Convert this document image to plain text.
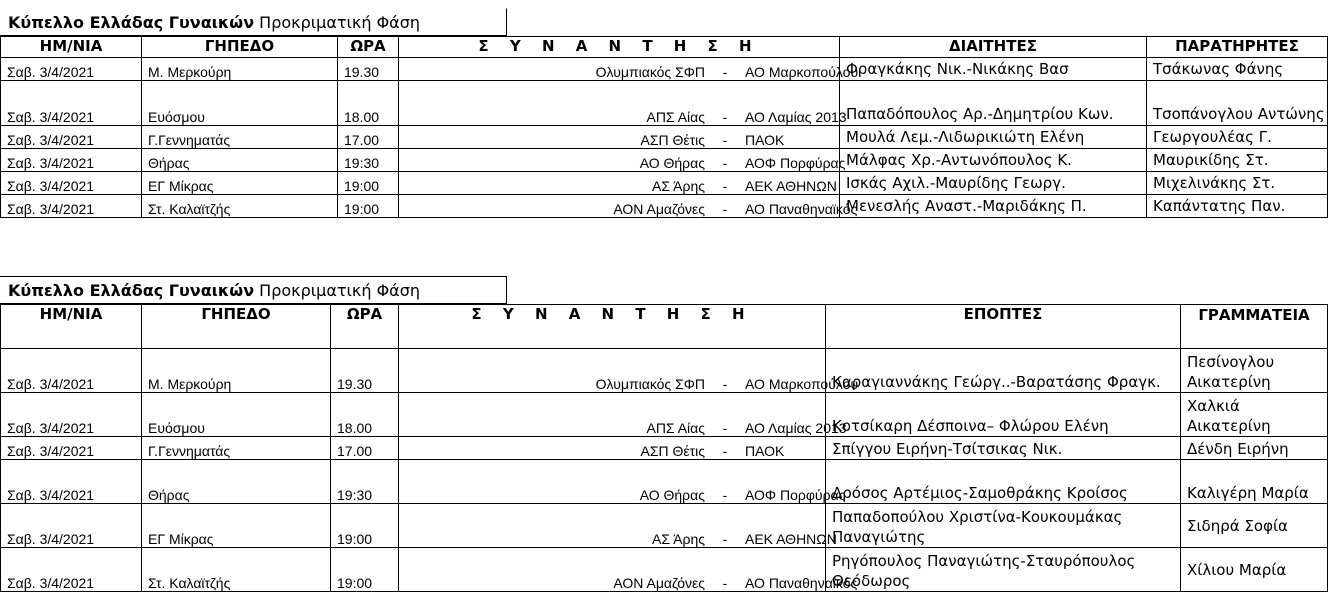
Κύπελλο Ελλάδας Γυναικών Προκριματική Φάση
ΗΜ/ΝΙΑ	ΓΗΠΕΔΟ	ΩΡΑ	Σ Υ Ν Α Ν Τ Η Σ Η	ΔΙΑΙΤΗΤΕΣ	ΠΑΡΑΤΗΡΗΤΕΣ
Σαβ. 3/4/2021	Μ. Μερκούρη	19.30	Ολυμπιακός ΣΦΠ - ΑΟ Μαρκοπούλου	Φραγκάκης Νικ.-Νικάκης Βασ	Τσάκωνας Φάνης
Σαβ. 3/4/2021	Ευόσμου	18.00	ΑΠΣ Αίας - ΑΟ Λαμίας 2013	Παπαδόπουλος Αρ.-Δημητρίου Κων.	Τσοπάνογλου Αντώνης
Σαβ. 3/4/2021	Γ.Γεννηματάς	17.00	ΑΣΠ Θέτις - ΠΑΟΚ	Μουλά Λεμ.-Λιδωρικιώτη Ελένη	Γεωργουλέας Γ.
Σαβ. 3/4/2021	Θήρας	19:30	ΑΟ Θήρας - ΑΟΦ Πορφύρας	Μάλφας Χρ.-Αντωνόπουλος Κ.	Μαυρικίδης Στ.
Σαβ. 3/4/2021	ΕΓ Μίκρας	19:00	ΑΣ Άρης - ΑΕΚ ΑΘΗΝΩΝ	Ισκάς Αχιλ.-Μαυρίδης Γεωργ.	Μιχελινάκης Στ.
Σαβ. 3/4/2021	Στ. Καλαϊτζής	19:00	ΑΟΝ Αμαζόνες - ΑΟ Παναθηναϊκός	Μενεσλής Αναστ.-Μαριδάκης Π.	Καπάντατης Παν.
Κύπελλο Ελλάδας Γυναικών Προκριματική Φάση
ΗΜ/ΝΙΑ	ΓΗΠΕΔΟ	ΩΡΑ	Σ Υ Ν Α Ν Τ Η Σ Η	ΕΠΟΠΤΕΣ	ΓΡΑΜΜΑΤΕΙΑ
Σαβ. 3/4/2021	Μ. Μερκούρη	19.30	Ολυμπιακός ΣΦΠ - ΑΟ Μαρκοπούλου	Καραγιαννάκης Γεώργ..-Βαρατάσης Φραγκ.	Πεσίνογλου Αικατερίνη
Σαβ. 3/4/2021	Ευόσμου	18.00	ΑΠΣ Αίας - ΑΟ Λαμίας 2013	Κοτσίκαρη Δέσποινα– Φλώρου Ελένη	Χαλκιά Αικατερίνη
Σαβ. 3/4/2021	Γ.Γεννηματάς	17.00	ΑΣΠ Θέτις - ΠΑΟΚ	Σπίγγου Ειρήνη-Τσίτσικας Νικ.	Δένδη Ειρήνη
Σαβ. 3/4/2021	Θήρας	19:30	ΑΟ Θήρας - ΑΟΦ Πορφύρας	Δρόσος Αρτέμιος-Σαμοθράκης Κροίσος	Καλιγέρη Μαρία
Σαβ. 3/4/2021	ΕΓ Μίκρας	19:00	ΑΣ Άρης - ΑΕΚ ΑΘΗΝΩΝ	Παπαδοπούλου Χριστίνα-Κουκουμάκας Παναγιώτης	Σιδηρά Σοφία
Σαβ. 3/4/2021	Στ. Καλαϊτζής	19:00	ΑΟΝ Αμαζόνες - ΑΟ Παναθηναϊκός	Ρηγόπουλος Παναγιώτης-Σταυρόπουλος Θεόδωρος	Χίλιου Μαρία
